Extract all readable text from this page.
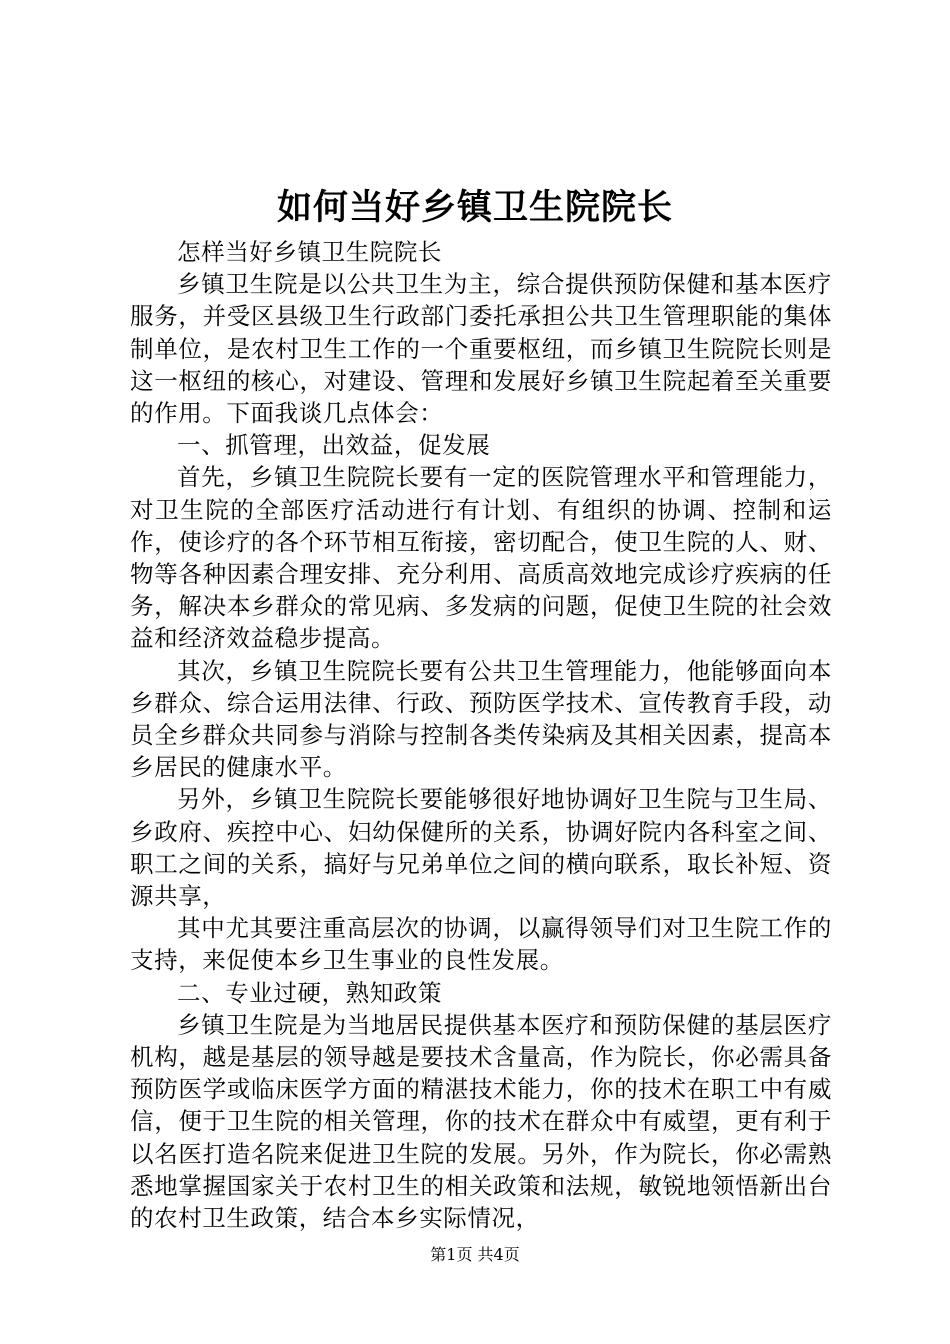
如何当好乡镇卫生院院长

怎样当好乡镇卫生院院长

乡镇卫生院是以公共卫生为主，综合提供预防保健和基本医疗服务，并受区县级卫生行政部门委托承担公共卫生管理职能的集体制单位，是农村卫生工作的一个重要枢纽，而乡镇卫生院院长则是这一枢纽的核心，对建设、管理和发展好乡镇卫生院起着至关重要的作用。下面我谈几点体会：

一、抓管理，出效益，促发展

首先，乡镇卫生院院长要有一定的医院管理水平和管理能力，对卫生院的全部医疗活动进行有计划、有组织的协调、控制和运作，使诊疗的各个环节相互衔接，密切配合，使卫生院的人、财、物等各种因素合理安排、充分利用、高质高效地完成诊疗疾病的任务，解决本乡群众的常见病、多发病的问题，促使卫生院的社会效益和经济效益稳步提高。

其次，乡镇卫生院院长要有公共卫生管理能力，他能够面向本乡群众、综合运用法律、行政、预防医学技术、宣传教育手段，动员全乡群众共同参与消除与控制各类传染病及其相关因素，提高本乡居民的健康水平。

另外，乡镇卫生院院长要能够很好地协调好卫生院与卫生局、乡政府、疾控中心、妇幼保健所的关系，协调好院内各科室之间、职工之间的关系，搞好与兄弟单位之间的横向联系，取长补短、资源共享，

其中尤其要注重高层次的协调，以赢得领导们对卫生院工作的支持，来促使本乡卫生事业的良性发展。

二、专业过硬，熟知政策

乡镇卫生院是为当地居民提供基本医疗和预防保健的基层医疗机构，越是基层的领导越是要技术含量高，作为院长，你必需具备预防医学或临床医学方面的精湛技术能力，你的技术在职工中有威信，便于卫生院的相关管理，你的技术在群众中有威望，更有利于以名医打造名院来促进卫生院的发展。另外，作为院长，你必需熟悉地掌握国家关于农村卫生的相关政策和法规，敏锐地领悟新出台的农村卫生政策，结合本乡实际情况，

第1页 共4页
